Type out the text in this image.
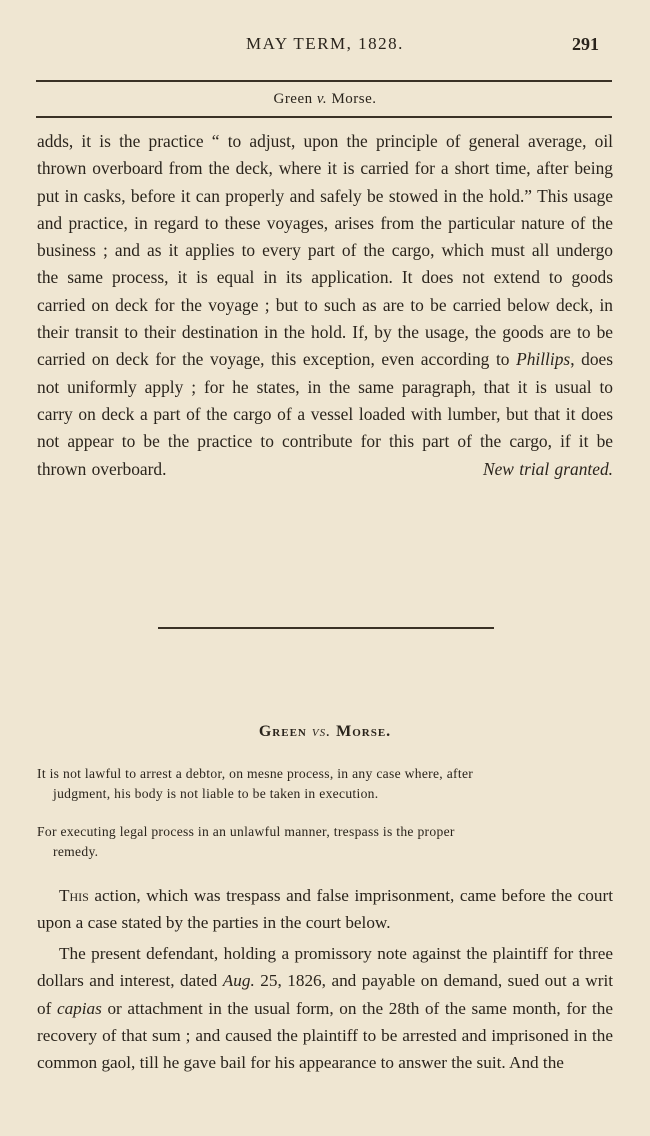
MAY TERM, 1828.	291
Green v. Morse.
adds, it is the practice “ to adjust, upon the principle of general average, oil thrown overboard from the deck, where it is carried for a short time, after being put in casks, before it can properly and safely be stowed in the hold.” This usage and practice, in regard to these voyages, arises from the particular nature of the business ; and as it applies to every part of the cargo, which must all undergo the same process, it is equal in its application. It does not extend to goods carried on deck for the voyage ; but to such as are to be carried below deck, in their transit to their destination in the hold. If, by the usage, the goods are to be carried on deck for the voyage, this exception, even according to Phillips, does not uniformly apply ; for he states, in the same paragraph, that it is usual to carry on deck a part of the cargo of a vessel loaded with lumber, but that it does not appear to be the practice to contribute for this part of the cargo, if it be thrown overboard.	New trial granted.
Green vs. Morse.
It is not lawful to arrest a debtor, on mesne process, in any case where, after
judgment, his body is not liable to be taken in execution.
For executing legal process in an unlawful manner, trespass is the proper
remedy.
This action, which was trespass and false imprisonment, came before the court upon a case stated by the parties in the court below.
The present defendant, holding a promissory note against the plaintiff for three dollars and interest, dated Aug. 25, 1826, and payable on demand, sued out a writ of capias or attachment in the usual form, on the 28th of the same month, for the recovery of that sum ; and caused the plaintiff to be arrested and imprisoned in the common gaol, till he gave bail for his appearance to answer the suit. And the
